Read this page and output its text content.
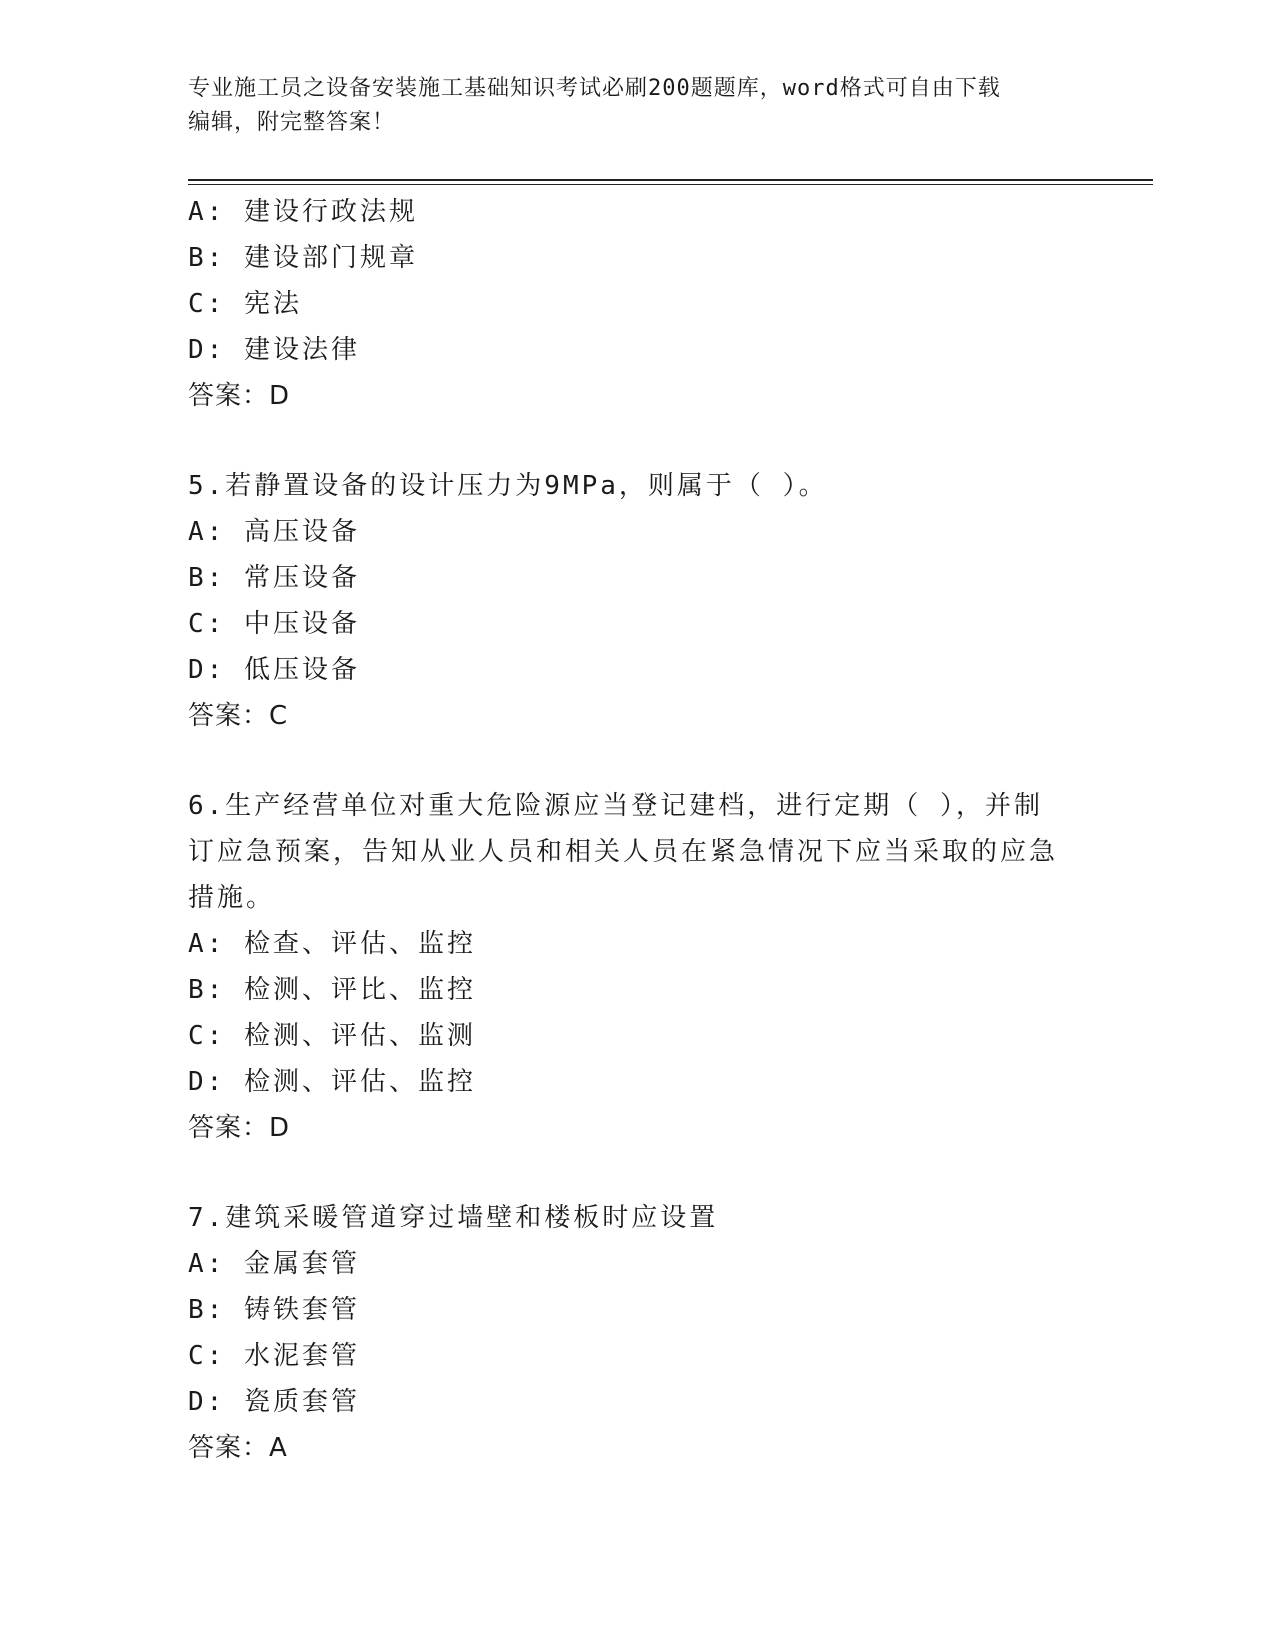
专业施工员之设备安装施工基础知识考试必刷200题题库，word格式可自由下载
编辑，附完整答案！
A: 建设行政法规
B: 建设部门规章
C: 宪法
D: 建设法律
答案：D
5.若静置设备的设计压力为9MPa，则属于（ ）。
A: 高压设备
B: 常压设备
C: 中压设备
D: 低压设备
答案：C
6.生产经营单位对重大危险源应当登记建档，进行定期（ ），并制订应急预案，告知从业人员和相关人员在紧急情况下应当采取的应急措施。
A: 检查、评估、监控
B: 检测、评比、监控
C: 检测、评估、监测
D: 检测、评估、监控
答案：D
7.建筑采暖管道穿过墙壁和楼板时应设置
A: 金属套管
B: 铸铁套管
C: 水泥套管
D: 瓷质套管
答案：A
